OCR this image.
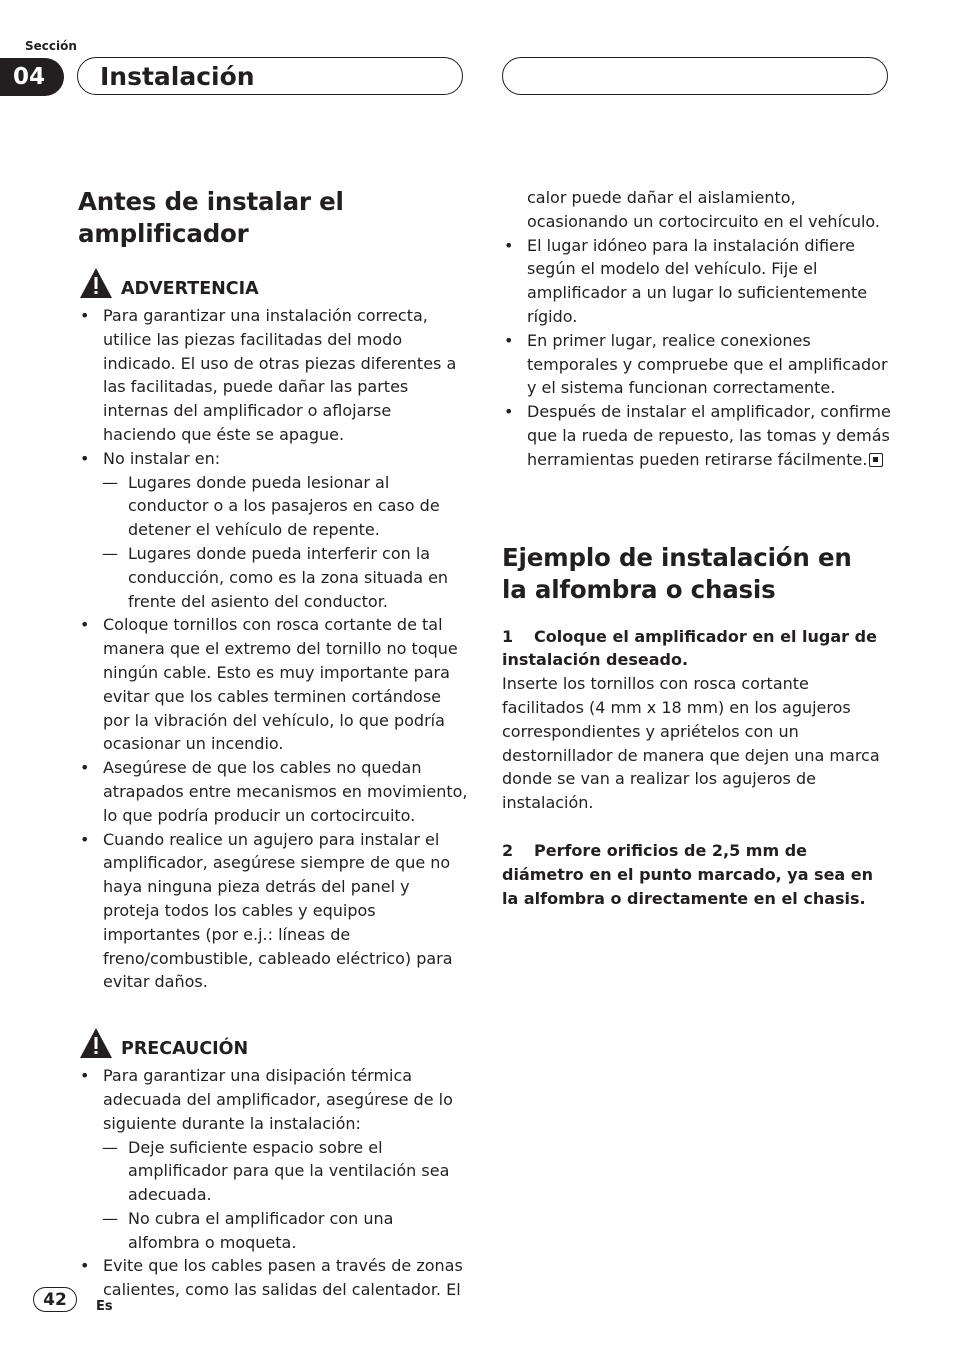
Sección
04	Instalación
Antes de instalar el
amplificador
ADVERTENCIA
• Para garantizar una instalación correcta, utilice las piezas facilitadas del modo indicado. El uso de otras piezas diferentes a las facilitadas, puede dañar las partes internas del amplificador o aflojarse haciendo que éste se apague.
• No instalar en:
— Lugares donde pueda lesionar al conductor o a los pasajeros en caso de detener el vehículo de repente.
— Lugares donde pueda interferir con la conducción, como es la zona situada en frente del asiento del conductor.
• Coloque tornillos con rosca cortante de tal manera que el extremo del tornillo no toque ningún cable. Esto es muy importante para evitar que los cables terminen cortándose por la vibración del vehículo, lo que podría ocasionar un incendio.
• Asegúrese de que los cables no quedan atrapados entre mecanismos en movimiento, lo que podría producir un cortocircuito.
• Cuando realice un agujero para instalar el amplificador, asegúrese siempre de que no haya ninguna pieza detrás del panel y proteja todos los cables y equipos importantes (por e.j.: líneas de freno/combustible, cableado eléctrico) para evitar daños.
PRECAUCIÓN
• Para garantizar una disipación térmica adecuada del amplificador, asegúrese de lo siguiente durante la instalación:
— Deje suficiente espacio sobre el amplificador para que la ventilación sea adecuada.
— No cubra el amplificador con una alfombra o moqueta.
• Evite que los cables pasen a través de zonas calientes, como las salidas del calentador. El
calor puede dañar el aislamiento, ocasionando un cortocircuito en el vehículo.
• El lugar idóneo para la instalación difiere según el modelo del vehículo. Fije el amplificador a un lugar lo suficientemente rígido.
• En primer lugar, realice conexiones temporales y compruebe que el amplificador y el sistema funcionan correctamente.
• Después de instalar el amplificador, confirme que la rueda de repuesto, las tomas y demás herramientas pueden retirarse fácilmente.
Ejemplo de instalación en
la alfombra o chasis
1 Coloque el amplificador en el lugar de instalación deseado.
Inserte los tornillos con rosca cortante facilitados (4 mm x 18 mm) en los agujeros correspondientes y apriételos con un destornillador de manera que dejen una marca donde se van a realizar los agujeros de instalación.
2 Perfore orificios de 2,5 mm de diámetro en el punto marcado, ya sea en la alfombra o directamente en el chasis.
42	Es
